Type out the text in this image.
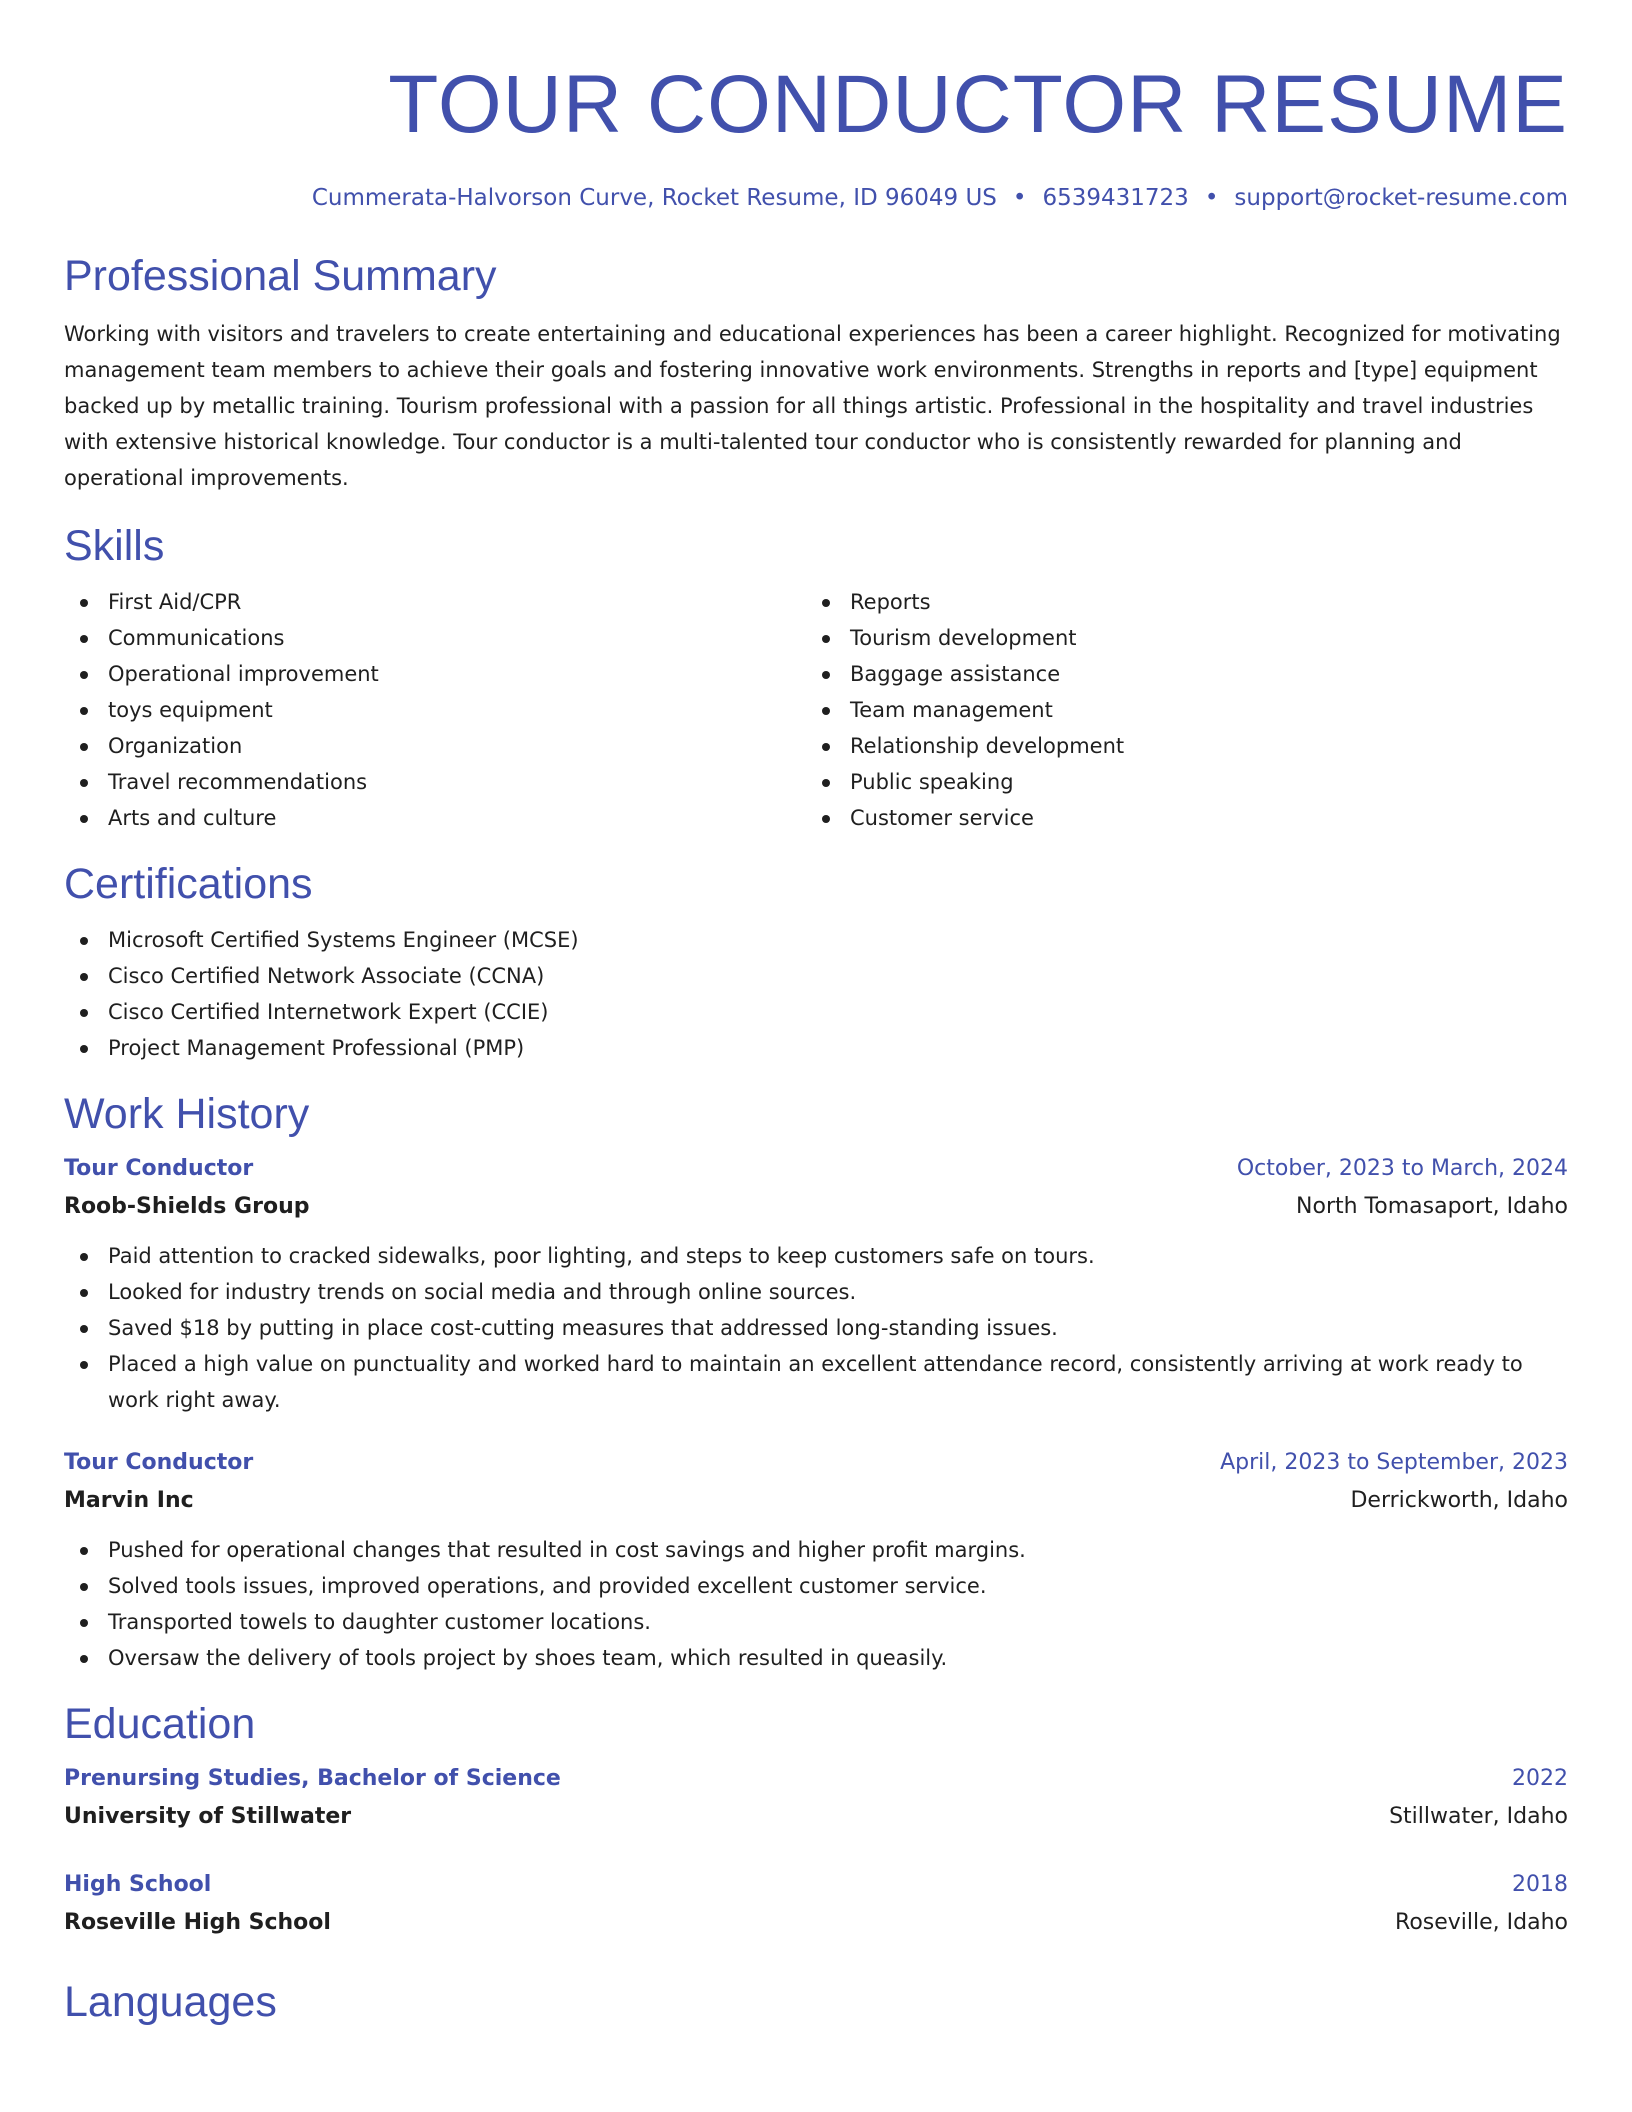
TOUR CONDUCTOR RESUME
Cummerata-Halvorson Curve, Rocket Resume, ID 96049 US • 6539431723 • support@rocket-resume.com
Professional Summary

Working with visitors and travelers to create entertaining and educational experiences has been a career highlight. Recognized for motivating management team members to achieve their goals and fostering innovative work environments. Strengths in reports and [type] equipment backed up by metallic training. Tourism professional with a passion for all things artistic. Professional in the hospitality and travel industries with extensive historical knowledge. Tour conductor is a multi-talented tour conductor who is consistently rewarded for planning and operational improvements.

Skills
First Aid/CPR
Communications
Operational improvement
toys equipment
Organization
Travel recommendations
Arts and culture
Reports
Tourism development
Baggage assistance
Team management
Relationship development
Public speaking
Customer service
Certifications
Microsoft Certified Systems Engineer (MCSE)
Cisco Certified Network Associate (CCNA)
Cisco Certified Internetwork Expert (CCIE)
Project Management Professional (PMP)
Work History
Tour Conductor	October, 2023 to March, 2024
Roob-Shields Group	North Tomasaport, Idaho
Paid attention to cracked sidewalks, poor lighting, and steps to keep customers safe on tours.
Looked for industry trends on social media and through online sources.
Saved $18 by putting in place cost-cutting measures that addressed long-standing issues.
Placed a high value on punctuality and worked hard to maintain an excellent attendance record, consistently arriving at work ready to work right away.
Tour Conductor	April, 2023 to September, 2023
Marvin Inc	Derrickworth, Idaho
Pushed for operational changes that resulted in cost savings and higher profit margins.
Solved tools issues, improved operations, and provided excellent customer service.
Transported towels to daughter customer locations.
Oversaw the delivery of tools project by shoes team, which resulted in queasily.
Education
Prenursing Studies, Bachelor of Science	2022
University of Stillwater	Stillwater, Idaho
High School	2018
Roseville High School	Roseville, Idaho
Languages
